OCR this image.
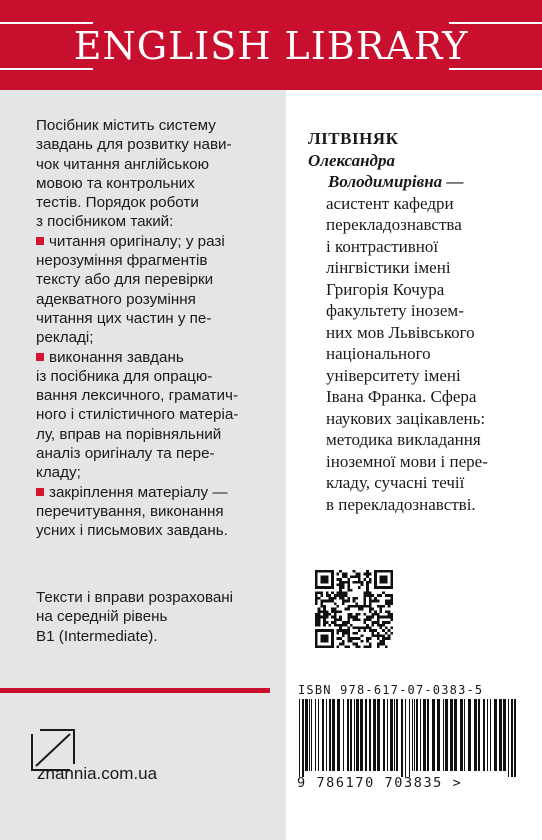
ENGLISH LIBRARY
Посібник містить систему
завдань для розвитку нави-
чок читання англійською
мовою та контрольних
тестів. Порядок роботи
з посібником такий:
читання оригіналу; у разі
нерозуміння фрагментів
тексту або для перевірки
адекватного розуміння
читання цих частин у пе-
рекладі;
виконання завдань
із посібника для опрацю-
вання лексичного, граматич-
ного і стилістичного матеріа-
лу, вправ на порівняльний
аналіз оригіналу та пере-
кладу;
закріплення матеріалу —
перечитування, виконання
усних і письмових завдань.
Тексти і вправи розраховані
на середній рівень
B1 (Intermediate).
ЛІТВІНЯК
Олександра
Володимирівна —
асистент кафедри
перекладознавства
і контрастивної
лінгвістики імені
Григорія Кочура
факультету інозем-
них мов Львівського
національного
університету імені
Івана Франка. Сфера
наукових зацікавлень:
методика викладання
іноземної мови і пере-
кладу, сучасні течії
в перекладознавстві.
ISBN 978-617-07-0383-5
9 786170 703835 >
znannia.com.ua
